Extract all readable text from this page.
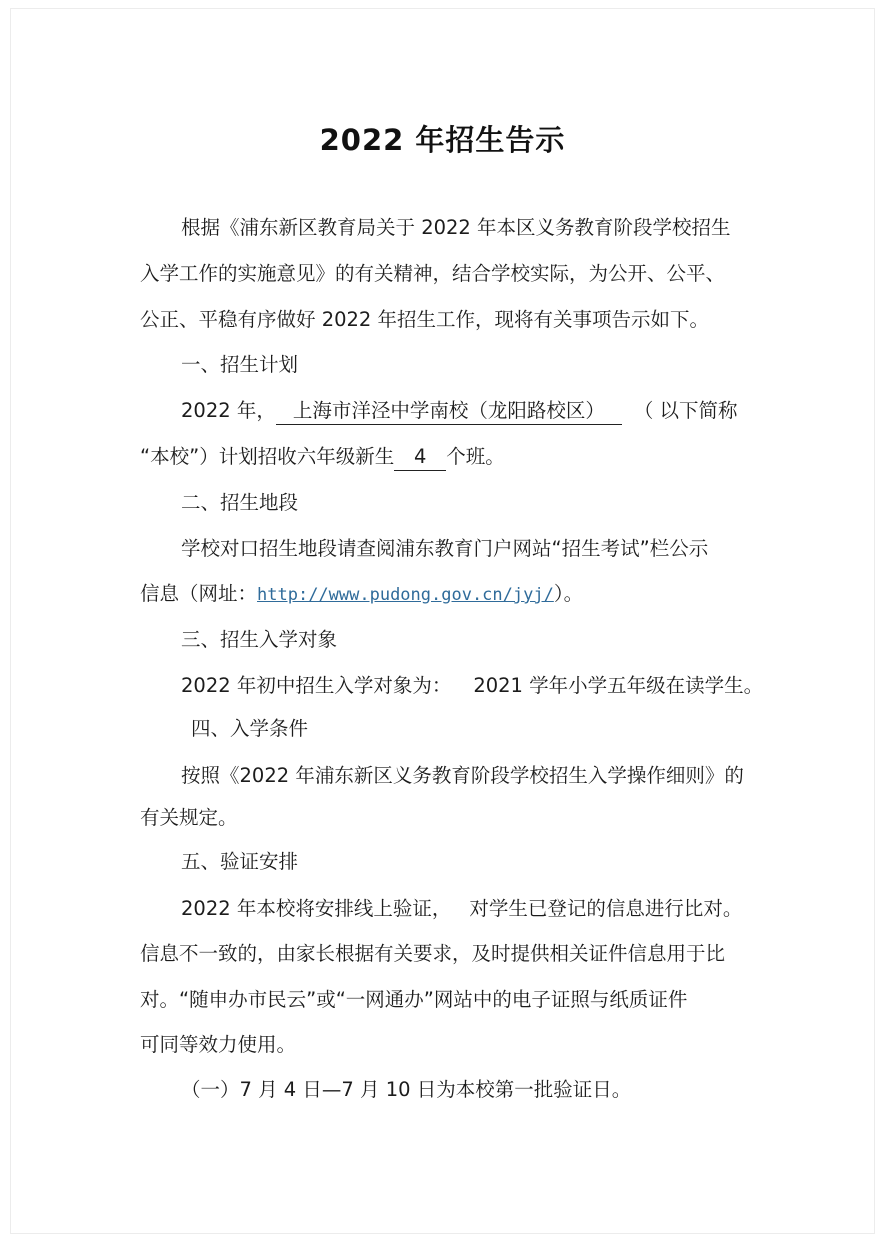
2022 年招生告示
根据《浦东新区教育局关于 2022 年本区义务教育阶段学校招生
入学工作的实施意见》的有关精神，结合学校实际，为公开、公平、
公正、平稳有序做好 2022 年招生工作，现将有关事项告示如下。
一、招生计划
2022 年， 上海市洋泾中学南校（龙阳路校区） （ 以下简称
“本校”）计划招收六年级新生 4 个班。
二、招生地段
学校对口招生地段请查阅浦东教育门户网站“招生考试”栏公示
信息（网址：http://www.pudong.gov.cn/jyj/）。
三、招生入学对象
2022 年初中招生入学对象为： 2021 学年小学五年级在读学生。
四、入学条件
按照《2022 年浦东新区义务教育阶段学校招生入学操作细则》的
有关规定。
五、验证安排
2022 年本校将安排线上验证， 对学生已登记的信息进行比对。
信息不一致的，由家长根据有关要求，及时提供相关证件信息用于比
对。“随申办市民云”或“一网通办”网站中的电子证照与纸质证件
可同等效力使用。
（一）7 月 4 日—7 月 10 日为本校第一批验证日。
